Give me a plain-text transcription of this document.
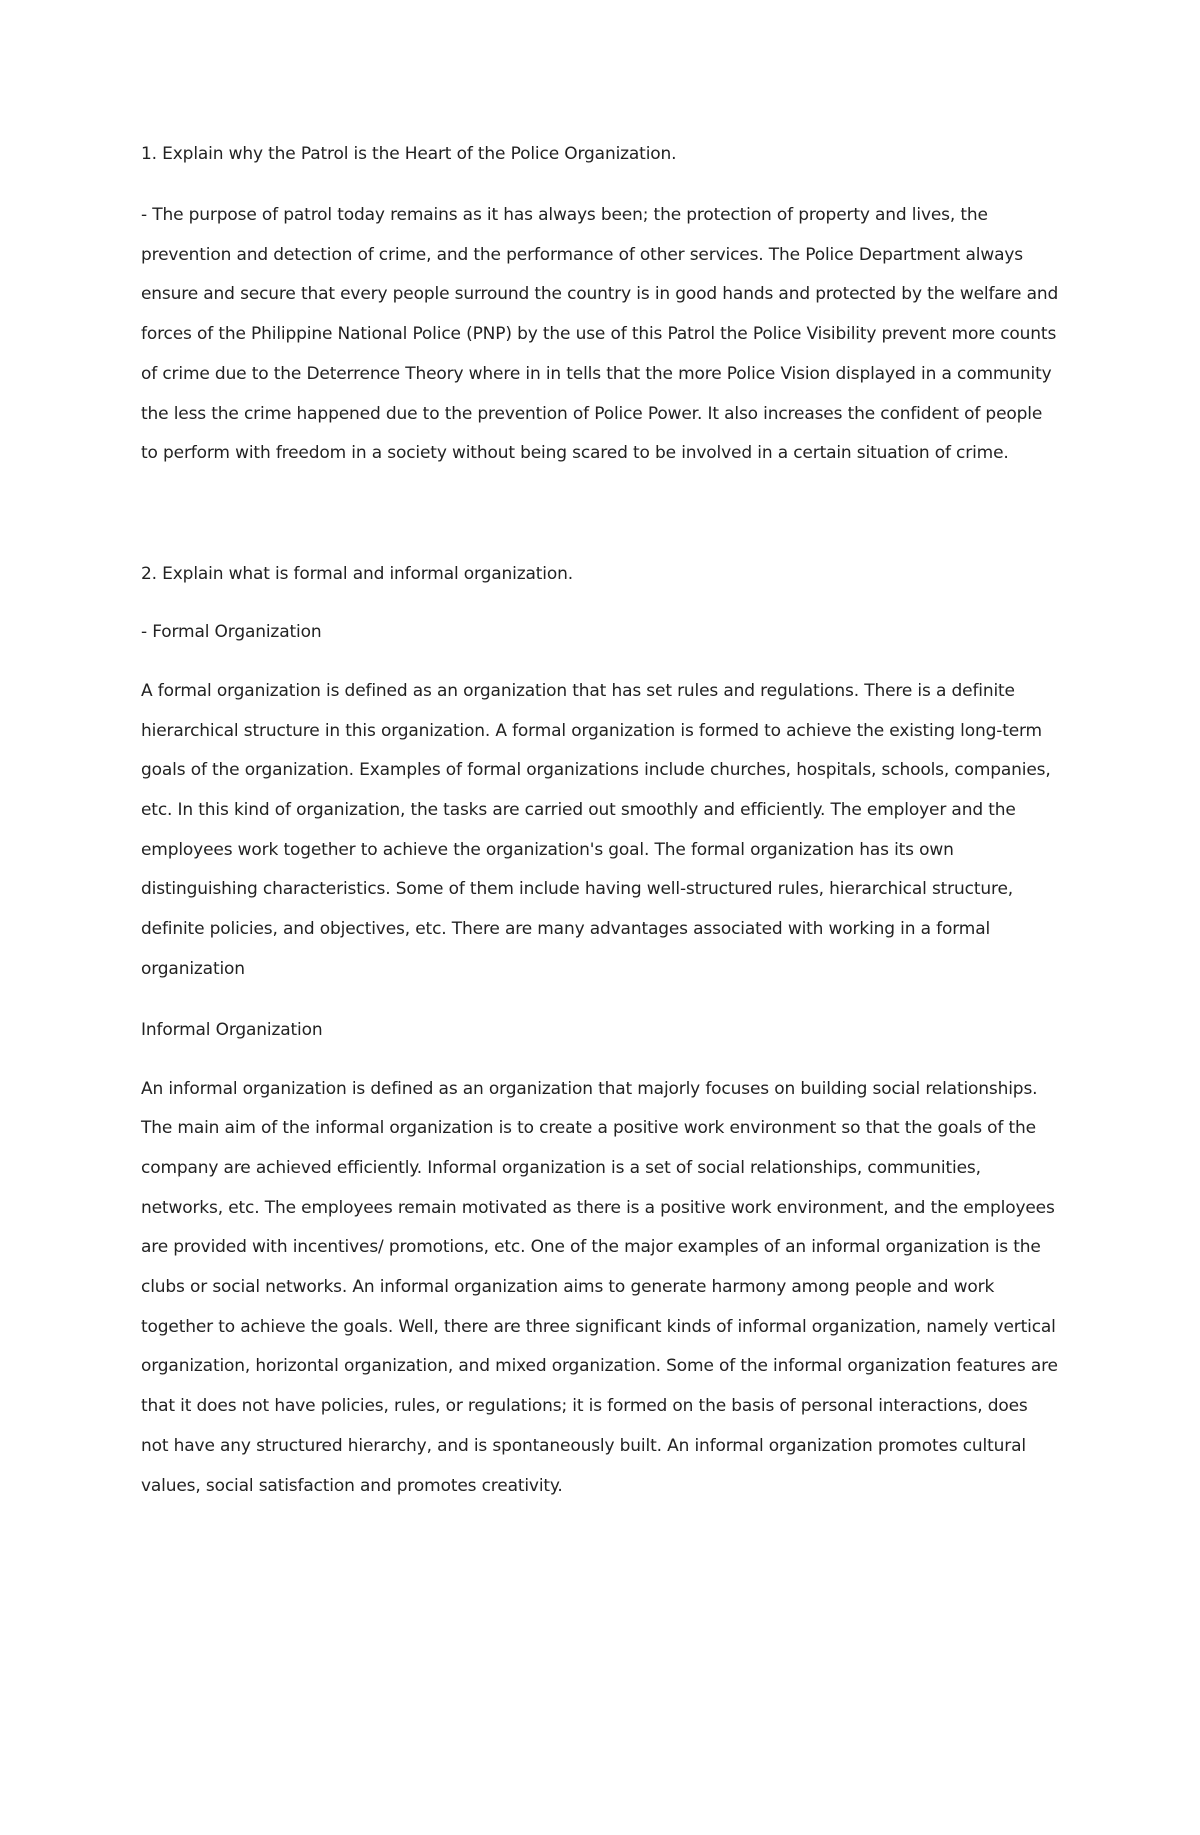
1. Explain why the Patrol is the Heart of the Police Organization.

- The purpose of patrol today remains as it has always been; the protection of property and lives, the prevention and detection of crime, and the performance of other services. The Police Department always ensure and secure that every people surround the country is in good hands and protected by the welfare and forces of the Philippine National Police (PNP) by the use of this Patrol the Police Visibility prevent more counts of crime due to the Deterrence Theory where in in tells that the more Police Vision displayed in a community the less the crime happened due to the prevention of Police Power. It also increases the confident of people to perform with freedom in a society without being scared to be involved in a certain situation of crime.

2. Explain what is formal and informal organization.

- Formal Organization

A formal organization is defined as an organization that has set rules and regulations. There is a definite hierarchical structure in this organization. A formal organization is formed to achieve the existing long-term goals of the organization. Examples of formal organizations include churches, hospitals, schools, companies, etc. In this kind of organization, the tasks are carried out smoothly and efficiently. The employer and the employees work together to achieve the organization's goal. The formal organization has its own distinguishing characteristics. Some of them include having well-structured rules, hierarchical structure, definite policies, and objectives, etc. There are many advantages associated with working in a formal organization

Informal Organization

An informal organization is defined as an organization that majorly focuses on building social relationships. The main aim of the informal organization is to create a positive work environment so that the goals of the company are achieved efficiently. Informal organization is a set of social relationships, communities, networks, etc. The employees remain motivated as there is a positive work environment, and the employees are provided with incentives/ promotions, etc. One of the major examples of an informal organization is the clubs or social networks. An informal organization aims to generate harmony among people and work together to achieve the goals. Well, there are three significant kinds of informal organization, namely vertical organization, horizontal organization, and mixed organization. Some of the informal organization features are that it does not have policies, rules, or regulations; it is formed on the basis of personal interactions, does not have any structured hierarchy, and is spontaneously built. An informal organization promotes cultural values, social satisfaction and promotes creativity.
